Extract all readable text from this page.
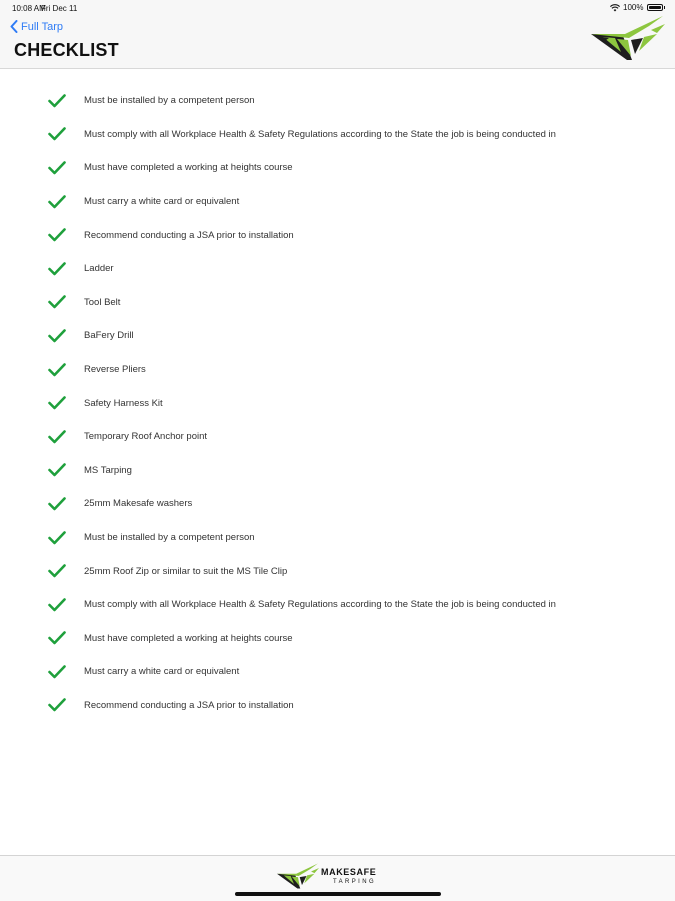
10:08 AM
Fri Dec 11	100%
Full Tarp
CHECKLIST
Must be installed by a competent person
Must comply with all Workplace Health & Safety Regulations according to the State the job is being conducted in
Must have completed a working at heights course
Must carry a white card or equivalent
Recommend conducting a JSA prior to installation
Ladder
Tool Belt
BaFery Drill
Reverse Pliers
Safety Harness Kit
Temporary Roof Anchor point
MS Tarping
25mm Makesafe washers
Must be installed by a competent person
25mm Roof Zip or similar to suit the MS Tile Clip
Must comply with all Workplace Health & Safety Regulations according to the State the job is being conducted in
Must have completed a working at heights course
Must carry a white card or equivalent
Recommend conducting a JSA prior to installation
MAKESAFE
TARPING
